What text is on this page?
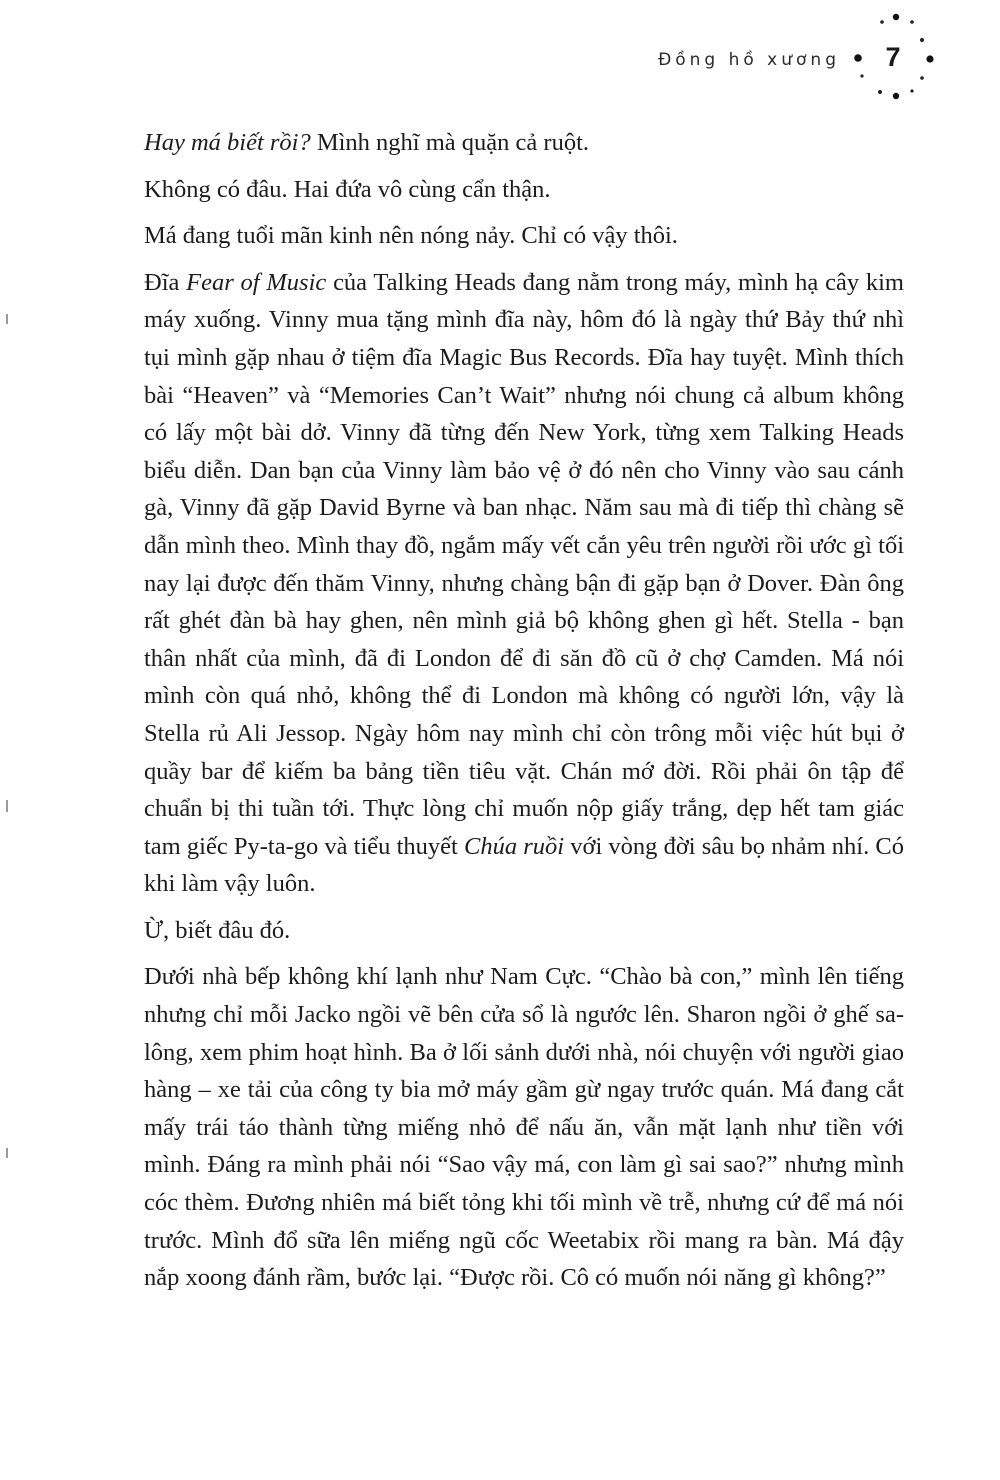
Đồng hồ xương 7

Hay má biết rồi? Mình nghĩ mà quặn cả ruột.

Không có đâu. Hai đứa vô cùng cẩn thận.

Má đang tuổi mãn kinh nên nóng nảy. Chỉ có vậy thôi.

Đĩa Fear of Music của Talking Heads đang nằm trong máy, mình hạ cây kim máy xuống. Vinny mua tặng mình đĩa này, hôm đó là ngày thứ Bảy thứ nhì tụi mình gặp nhau ở tiệm đĩa Magic Bus Records. Đĩa hay tuyệt. Mình thích bài “Heaven” và “Memories Can’t Wait” nhưng nói chung cả album không có lấy một bài dở. Vinny đã từng đến New York, từng xem Talking Heads biểu diễn. Dan bạn của Vinny làm bảo vệ ở đó nên cho Vinny vào sau cánh gà, Vinny đã gặp David Byrne và ban nhạc. Năm sau mà đi tiếp thì chàng sẽ dẫn mình theo. Mình thay đồ, ngắm mấy vết cắn yêu trên người rồi ước gì tối nay lại được đến thăm Vinny, nhưng chàng bận đi gặp bạn ở Dover. Đàn ông rất ghét đàn bà hay ghen, nên mình giả bộ không ghen gì hết. Stella - bạn thân nhất của mình, đã đi London để đi săn đồ cũ ở chợ Camden. Má nói mình còn quá nhỏ, không thể đi London mà không có người lớn, vậy là Stella rủ Ali Jessop. Ngày hôm nay mình chỉ còn trông mỗi việc hút bụi ở quầy bar để kiếm ba bảng tiền tiêu vặt. Chán mớ đời. Rồi phải ôn tập để chuẩn bị thi tuần tới. Thực lòng chỉ muốn nộp giấy trắng, dẹp hết tam giác tam giếc Py-ta-go và tiểu thuyết Chúa ruồi với vòng đời sâu bọ nhảm nhí. Có khi làm vậy luôn.

Ừ, biết đâu đó.

Dưới nhà bếp không khí lạnh như Nam Cực. “Chào bà con,” mình lên tiếng nhưng chỉ mỗi Jacko ngồi vẽ bên cửa sổ là ngước lên. Sharon ngồi ở ghế sa-lông, xem phim hoạt hình. Ba ở lối sảnh dưới nhà, nói chuyện với người giao hàng – xe tải của công ty bia mở máy gầm gừ ngay trước quán. Má đang cắt mấy trái táo thành từng miếng nhỏ để nấu ăn, vẫn mặt lạnh như tiền với mình. Đáng ra mình phải nói “Sao vậy má, con làm gì sai sao?” nhưng mình cóc thèm. Đương nhiên má biết tỏng khi tối mình về trễ, nhưng cứ để má nói trước. Mình đổ sữa lên miếng ngũ cốc Weetabix rồi mang ra bàn. Má đậy nắp xoong đánh rầm, bước lại. “Được rồi. Cô có muốn nói năng gì không?”
